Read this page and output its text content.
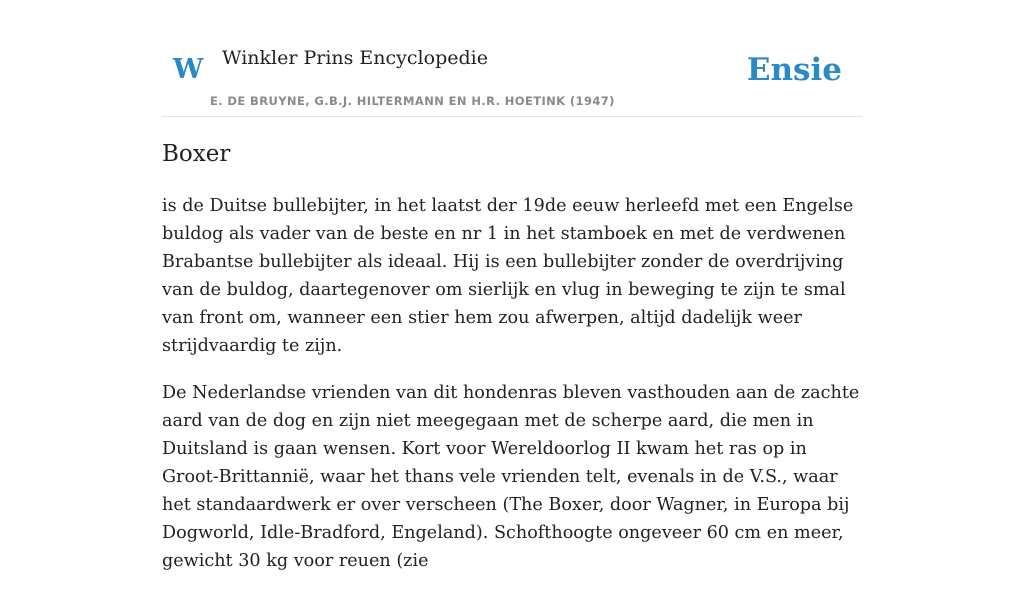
W Winkler Prins Encyclopedie
E. DE BRUYNE, G.B.J. HILTERMANN EN H.R. HOETINK (1947)
Ensie
Boxer

is de Duitse bullebijter, in het laatst der 19de eeuw herleefd met een Engelse buldog als vader van de beste en nr 1 in het stamboek en met de verdwenen Brabantse bullebijter als ideaal. Hij is een bullebijter zonder de overdrijving van de buldog, daartegenover om sierlijk en vlug in beweging te zijn te smal van front om, wanneer een stier hem zou afwerpen, altijd dadelijk weer strijdvaardig te zijn.

De Nederlandse vrienden van dit hondenras bleven vasthouden aan de zachte aard van de dog en zijn niet meegegaan met de scherpe aard, die men in Duitsland is gaan wensen. Kort voor Wereldoorlog II kwam het ras op in Groot-Brittannië, waar het thans vele vrienden telt, evenals in de V.S., waar het standaardwerk er over verscheen (The Boxer, door Wagner, in Europa bij Dogworld, Idle-Bradford, Engeland). Schofthoogte ongeveer 60 cm en meer, gewicht 30 kg voor reuen (zie
